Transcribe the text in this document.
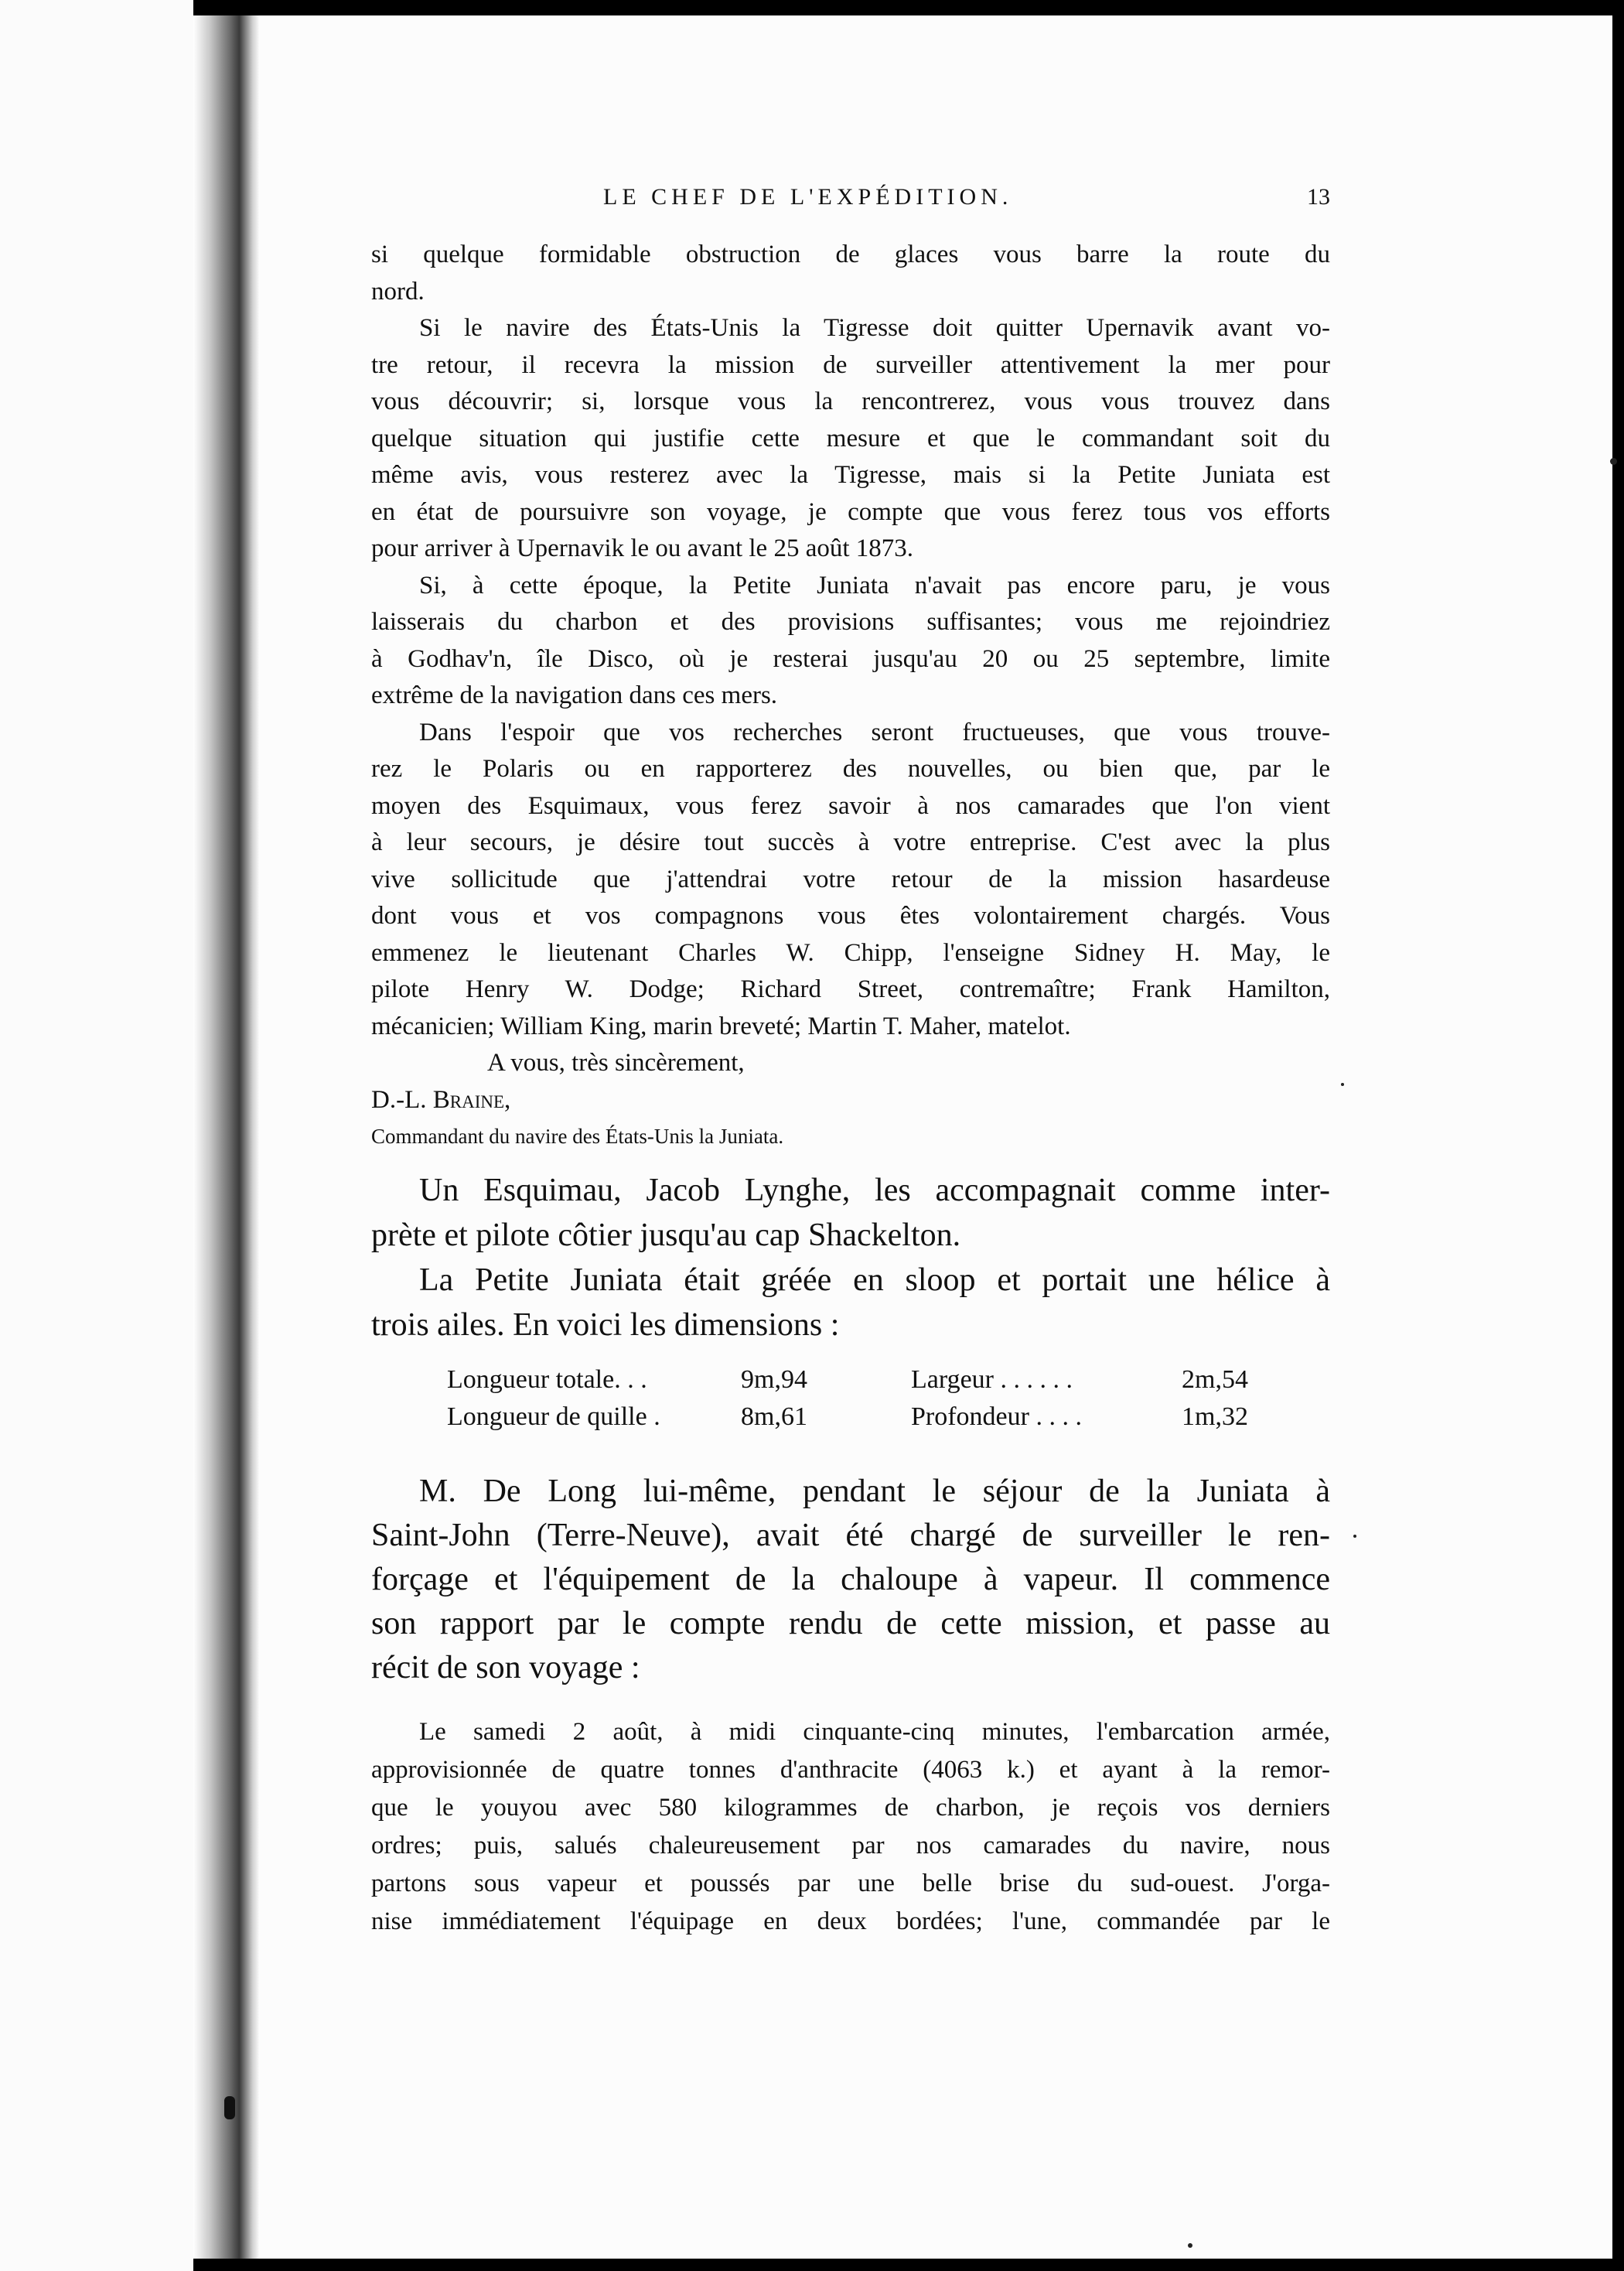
LE CHEF DE L'EXPÉDITION.	13
si quelque formidable obstruction de glaces vous barre la route du
nord.
Si le navire des États-Unis la Tigresse doit quitter Upernavik avant vo-
tre retour, il recevra la mission de surveiller attentivement la mer pour
vous découvrir; si, lorsque vous la rencontrerez, vous vous trouvez dans
quelque situation qui justifie cette mesure et que le commandant soit du
même avis, vous resterez avec la Tigresse, mais si la Petite Juniata est
en état de poursuivre son voyage, je compte que vous ferez tous vos efforts
pour arriver à Upernavik le ou avant le 25 août 1873.
Si, à cette époque, la Petite Juniata n'avait pas encore paru, je vous
laisserais du charbon et des provisions suffisantes; vous me rejoindriez
à Godhav'n, île Disco, où je resterai jusqu'au 20 ou 25 septembre, limite
extrême de la navigation dans ces mers.
Dans l'espoir que vos recherches seront fructueuses, que vous trouve-
rez le Polaris ou en rapporterez des nouvelles, ou bien que, par le
moyen des Esquimaux, vous ferez savoir à nos camarades que l'on vient
à leur secours, je désire tout succès à votre entreprise. C'est avec la plus
vive sollicitude que j'attendrai votre retour de la mission hasardeuse
dont vous et vos compagnons vous êtes volontairement chargés. Vous
emmenez le lieutenant Charles W. Chipp, l'enseigne Sidney H. May, le
pilote Henry W. Dodge; Richard Street, contremaître; Frank Hamilton,
mécanicien; William King, marin breveté; Martin T. Maher, matelot.
A vous, très sincèrement,
D.-L. Braine,
Commandant du navire des États-Unis la Juniata.
Un Esquimau, Jacob Lynghe, les accompagnait comme inter-
prète et pilote côtier jusqu'au cap Shackelton.
La Petite Juniata était gréée en sloop et portait une hélice à
trois ailes. En voici les dimensions :
Longueur totale. . .	9m,94	Largeur . . . . . .	2m,54
Longueur de quille .	8m,61	Profondeur . . . .	1m,32
M. De Long lui-même, pendant le séjour de la Juniata à
Saint-John (Terre-Neuve), avait été chargé de surveiller le ren-
forçage et l'équipement de la chaloupe à vapeur. Il commence
son rapport par le compte rendu de cette mission, et passe au
récit de son voyage :
Le samedi 2 août, à midi cinquante-cinq minutes, l'embarcation armée,
approvisionnée de quatre tonnes d'anthracite (4063 k.) et ayant à la remor-
que le youyou avec 580 kilogrammes de charbon, je reçois vos derniers
ordres; puis, salués chaleureusement par nos camarades du navire, nous
partons sous vapeur et poussés par une belle brise du sud-ouest. J'orga-
nise immédiatement l'équipage en deux bordées; l'une, commandée par le
